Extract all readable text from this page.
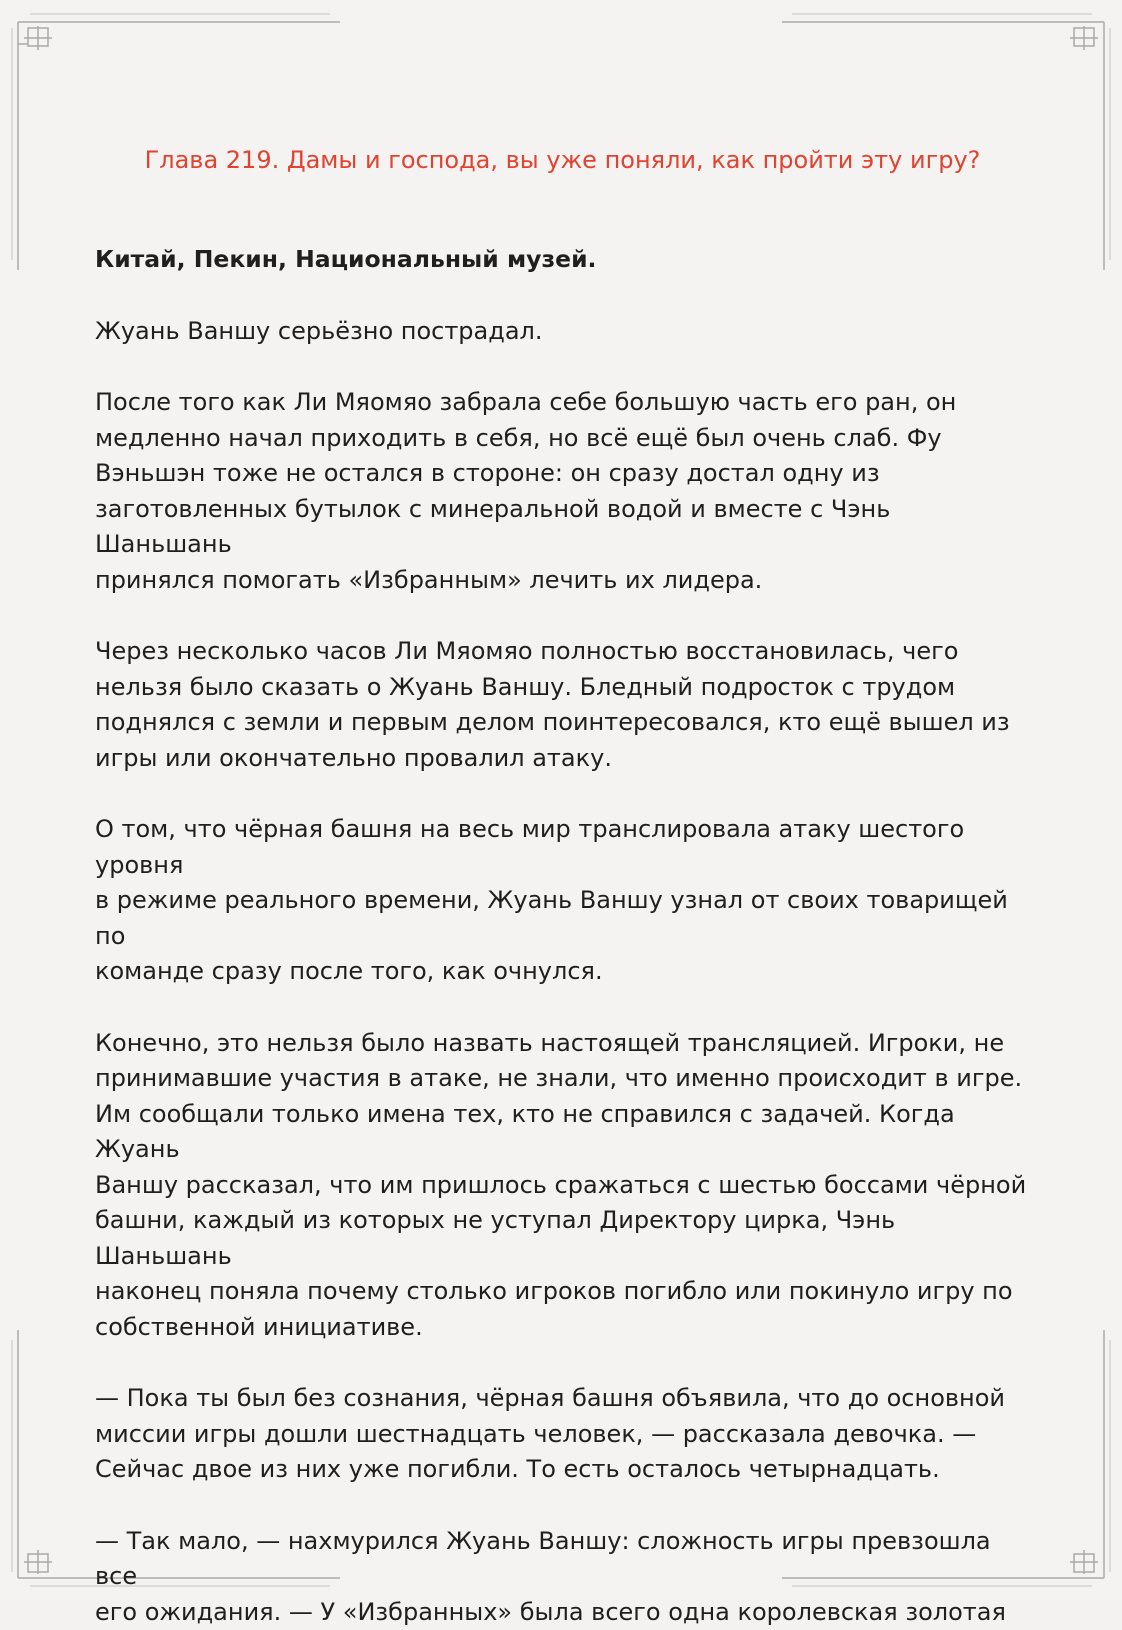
Глава 219. Дамы и господа, вы уже поняли, как пройти эту игру?

Китай, Пекин, Национальный музей.

Жуань Ваншу серьёзно пострадал.

После того как Ли Мяомяо забрала себе большую часть его ран, он
медленно начал приходить в себя, но всё ещё был очень слаб. Фу
Вэньшэн тоже не остался в стороне: он сразу достал одну из
заготовленных бутылок с минеральной водой и вместе с Чэнь Шаньшань
принялся помогать «Избранным» лечить их лидера.

Через несколько часов Ли Мяомяо полностью восстановилась, чего
нельзя было сказать о Жуань Ваншу. Бледный подросток с трудом
поднялся с земли и первым делом поинтересовался, кто ещё вышел из
игры или окончательно провалил атаку.

О том, что чёрная башня на весь мир транслировала атаку шестого уровня
в режиме реального времени, Жуань Ваншу узнал от своих товарищей по
команде сразу после того, как очнулся.

Конечно, это нельзя было назвать настоящей трансляцией. Игроки, не
принимавшие участия в атаке, не знали, что именно происходит в игре.
Им сообщали только имена тех, кто не справился с задачей. Когда Жуань
Ваншу рассказал, что им пришлось сражаться с шестью боссами чёрной
башни, каждый из которых не уступал Директору цирка, Чэнь Шаньшань
наконец поняла почему столько игроков погибло или покинуло игру по
собственной инициативе.

— Пока ты был без сознания, чёрная башня объявила, что до основной
миссии игры дошли шестнадцать человек, — рассказала девочка. —
Сейчас двое из них уже погибли. То есть осталось четырнадцать.

— Так мало, — нахмурился Жуань Ваншу: сложность игры превзошла все
его ожидания. — У «Избранных» была всего одна королевская золотая
